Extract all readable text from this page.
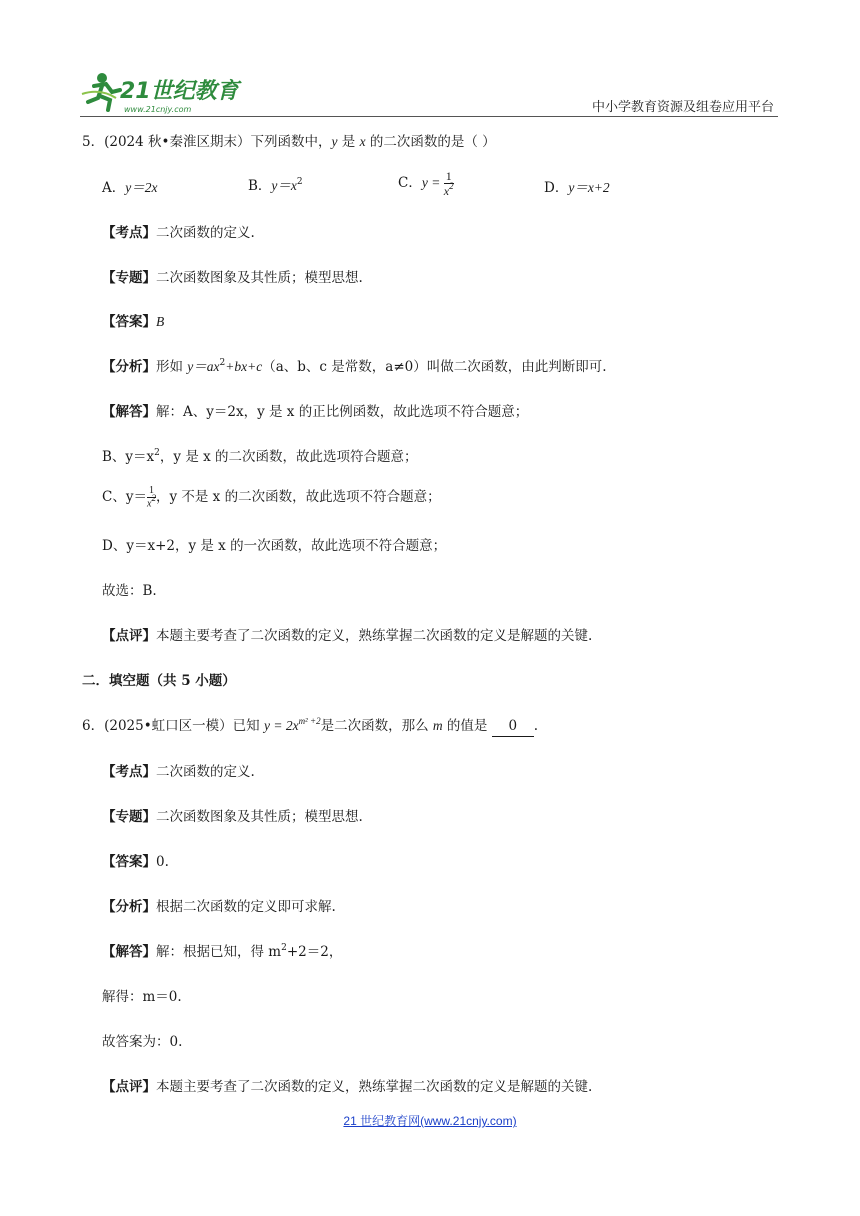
21世纪教育
www.21cnjy.com	中小学教育资源及组卷应用平台
5．(2024 秋•秦淮区期末）下列函数中，y 是 x 的二次函数的是（ ）
A．y＝2x	B．$y=x^2$	C．$y = \frac{1}{x^2}$	D．y＝x+2
【考点】二次函数的定义.
【专题】二次函数图象及其性质；模型思想.
【答案】B
【分析】形如 $y=ax^2+bx+c(a$、b、c 是常数，a≠0）叫做二次函数，由此判断即可.
【解答】解：A、y＝2x，y 是 x 的正比例函数，故此选项不符合题意；
B、$y=x^2$，y 是 x 的二次函数，故此选项符合题意；
C、$y= \frac{1}{x^2}$ ，y 不是 x 的二次函数，故此选项不符合题意；
D、y＝x+2，y 是 x 的一次函数，故此选项不符合题意；
故选：B.
【点评】本题主要考查了二次函数的定义，熟练掌握二次函数的定义是解题的关键.
二．填空题（共 5 小题）
6．(2025•虹口区一模）已知 $y = 2x^{m^2 +2}$是二次函数，那么 m 的值是 0 .
【考点】二次函数的定义.
【专题】二次函数图象及其性质；模型思想.
【答案】0.
【分析】根据二次函数的定义即可求解.
【解答】解：根据已知，得 $m^2+2=2$，
解得：m＝0.
故答案为：0.
【点评】本题主要考查了二次函数的定义，熟练掌握二次函数的定义是解题的关键.
21 世纪教育网(www.21cnjy.com)
